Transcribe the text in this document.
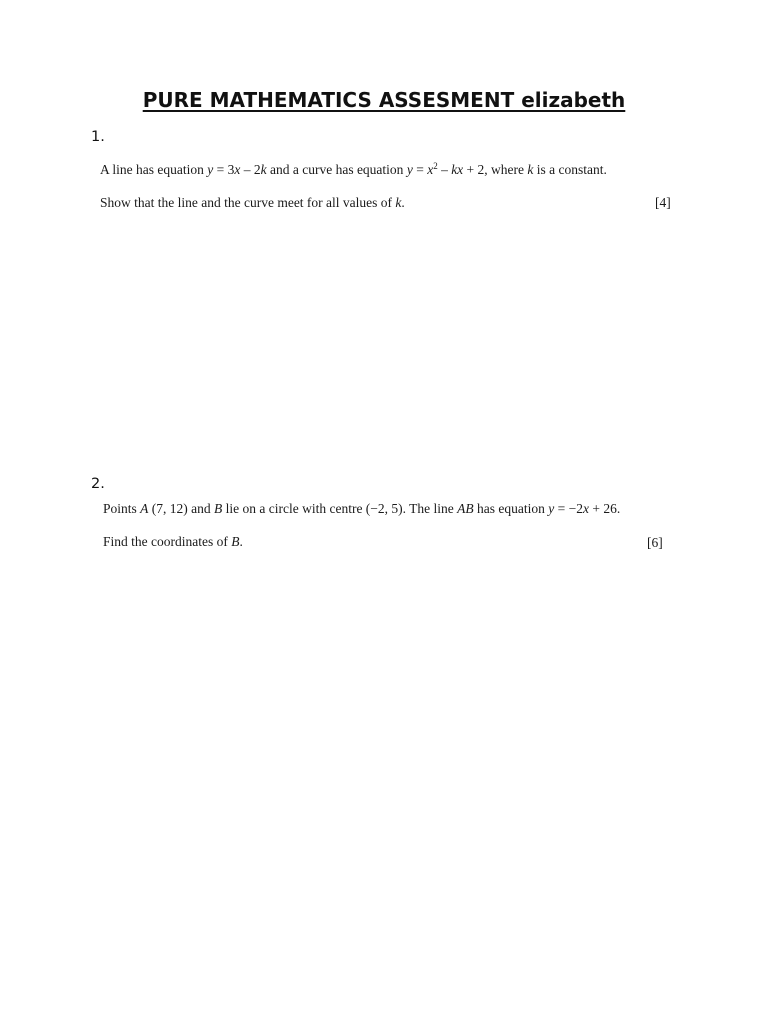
PURE MATHEMATICS ASSESMENT elizabeth
1.
A line has equation y = 3x – 2k and a curve has equation $y = x^2$ – kx + 2, where k is a constant.
Show that the line and the curve meet for all values of k.	[4]
2.
Points A (7, 12) and B lie on a circle with centre (−2, 5). The line AB has equation y = −2x + 26.
Find the coordinates of B.	[6]
